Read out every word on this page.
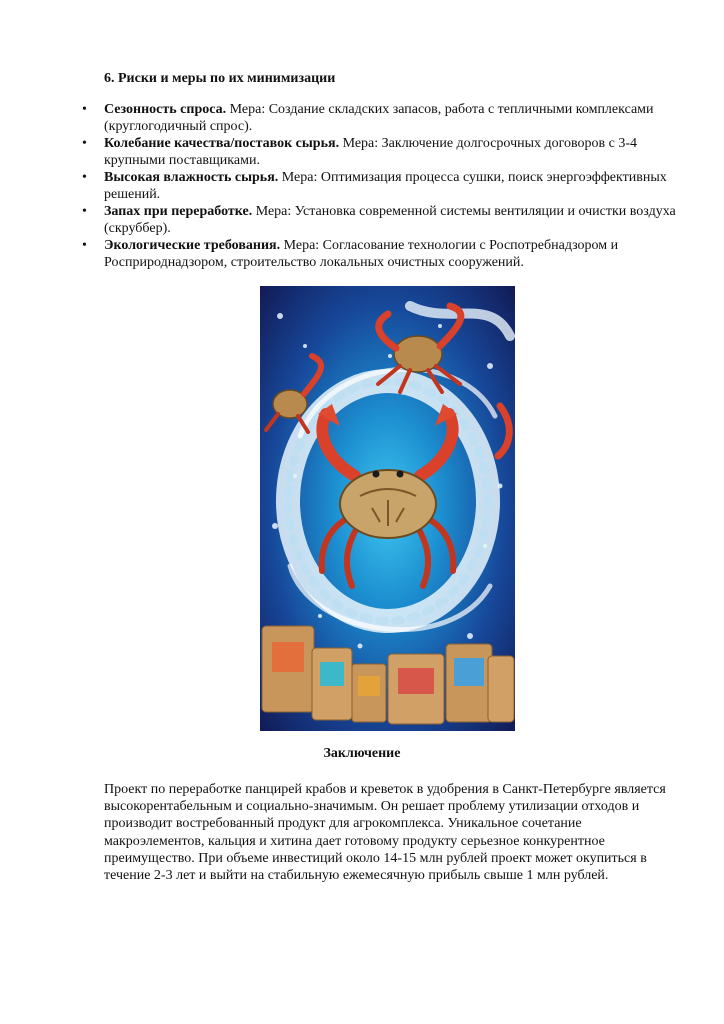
6. Риски и меры по их минимизации
• Сезонность спроса. Мера: Создание складских запасов, работа с тепличными комплексами (круглогодичный спрос).
• Колебание качества/поставок сырья. Мера: Заключение долгосрочных договоров с 3-4 крупными поставщиками.
• Высокая влажность сырья. Мера: Оптимизация процесса сушки, поиск энергоэффективных решений.
• Запах при переработке. Мера: Установка современной системы вентиляции и очистки воздуха (скруббер).
• Экологические требования. Мера: Согласование технологии с Роспотребнадзором и Росприроднадзором, строительство локальных очистных сооружений.
Заключение

Проект по переработке панцирей крабов и креветок в удобрения в Санкт-Петербурге является высокорентабельным и социально-значимым. Он решает проблему утилизации отходов и производит востребованный продукт для агрокомплекса. Уникальное сочетание макроэлементов, кальция и хитина дает готовому продукту серьезное конкурентное преимущество. При объеме инвестиций около 14-15 млн рублей проект может окупиться в течение 2-3 лет и выйти на стабильную ежемесячную прибыль свыше 1 млн рублей.
